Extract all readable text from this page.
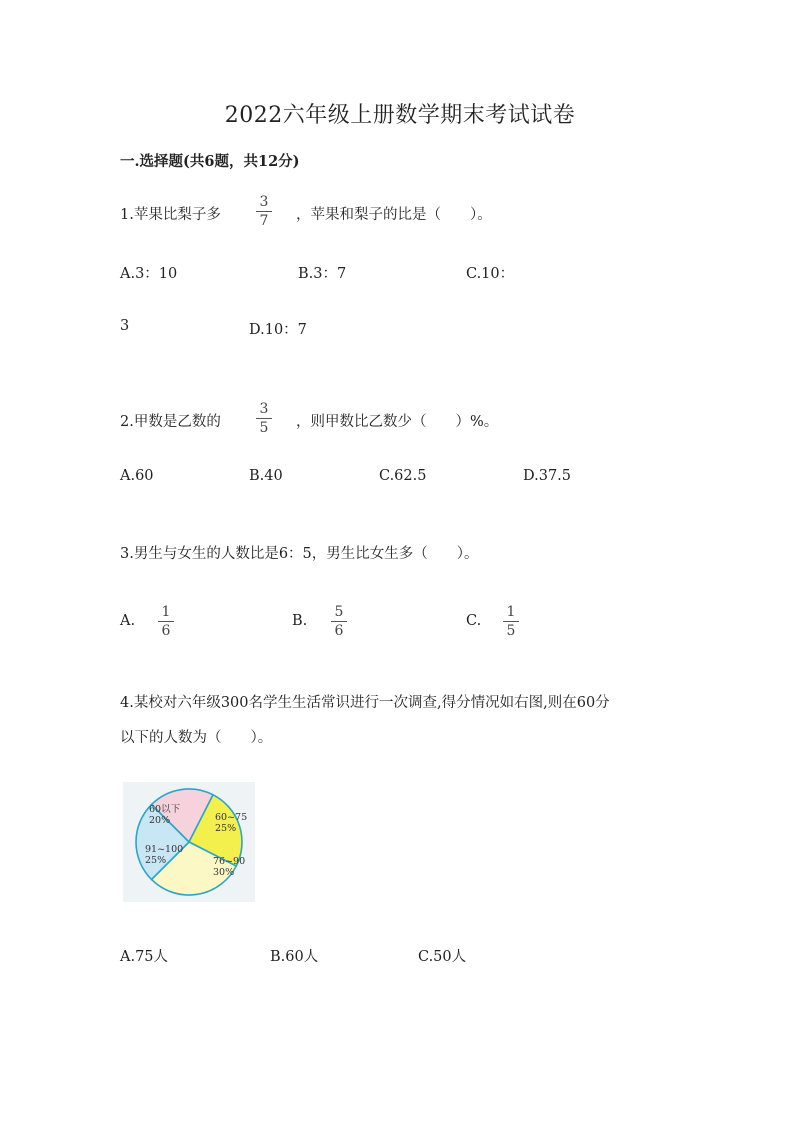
2022六年级上册数学期末考试试卷
一.选择题(共6题，共12分)
1.苹果比梨子多
3
7 ，苹果和梨子的比是（　　）。
A.3：10	B.3：7	C.10：
3	D.10：7
2.甲数是乙数的
3
5 ，则甲数比乙数少（　　）%。
A.60	B.40	C.62.5	D.37.5
3.男生与女生的人数比是6：5，男生比女生多（　　）。
A.
1
6
B.
5
6
C.
1
5
4.某校对六年级300名学生生活常识进行一次调查,得分情况如右图,则在60分
以下的人数为（　　）。
60以下
20%	60~75
25%
76~90
30%
91~100
25%
A.75人	B.60人	C.50人
